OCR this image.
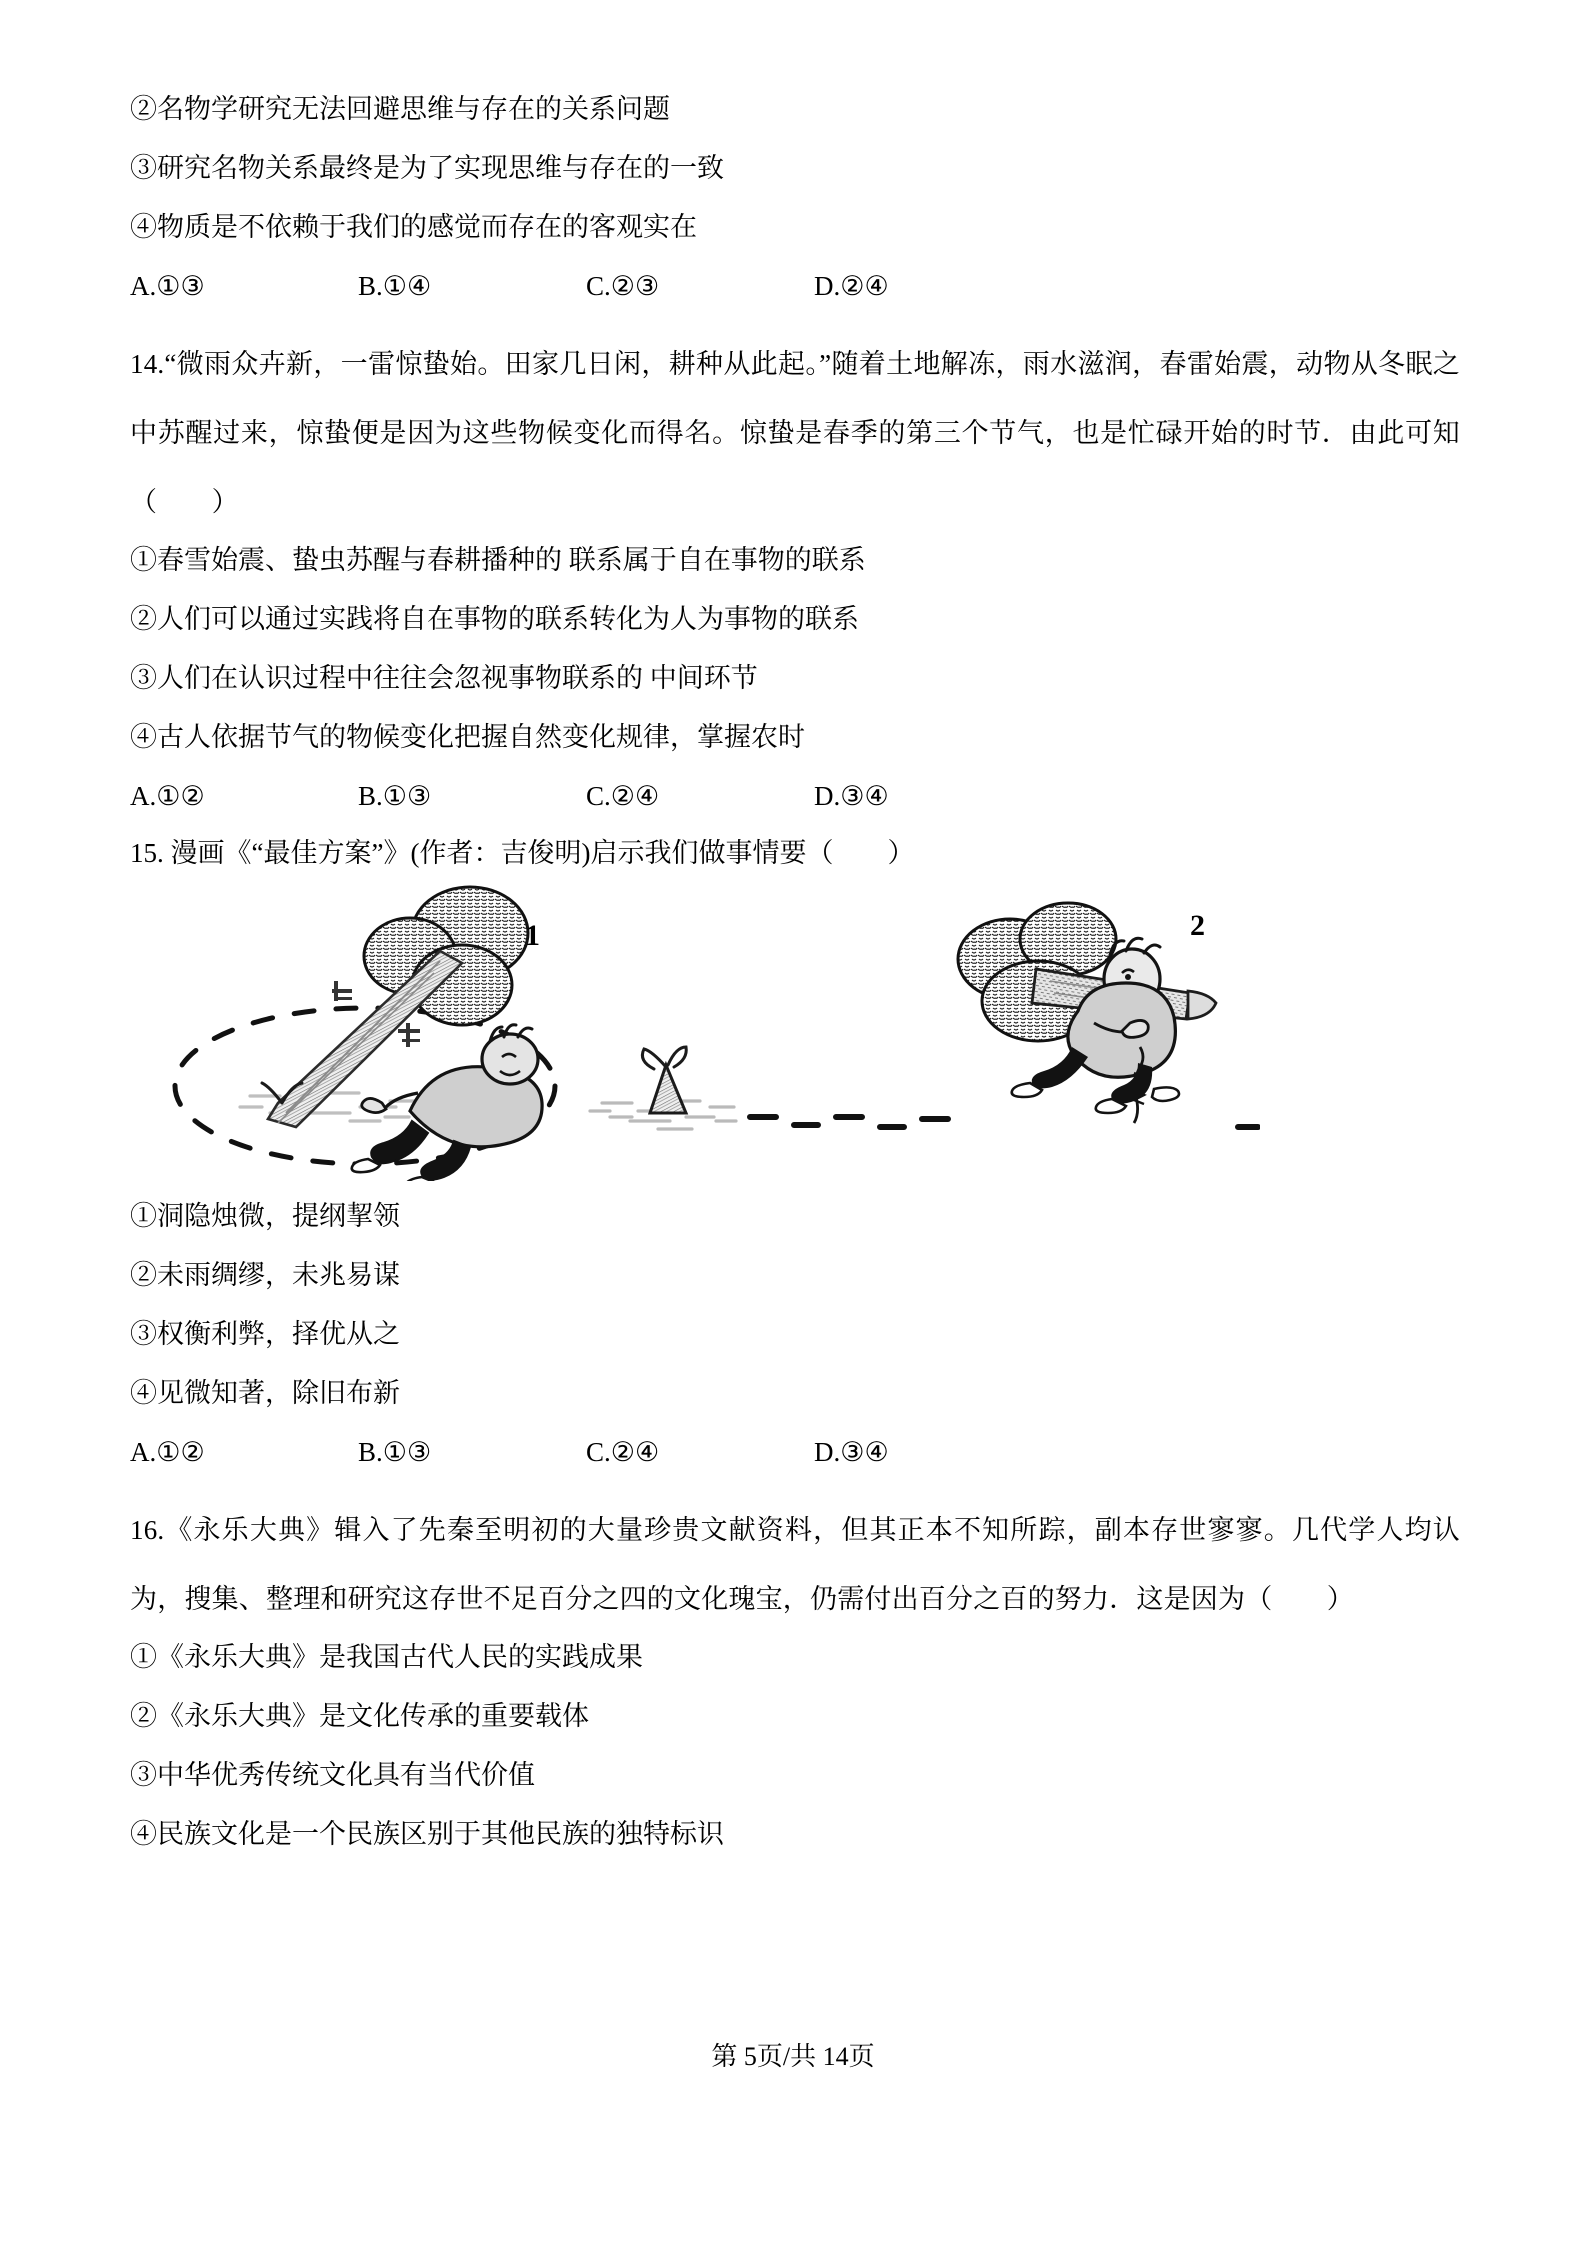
②名物学研究无法回避思维与存在的关系问题
③研究名物关系最终是为了实现思维与存在的一致
④物质是不依赖于我们的感觉而存在的客观实在
A.①③	B.①④	C.②③	D.②④

14.“微雨众卉新，一雷惊蛰始。田家几日闲，耕种从此起。”随着土地解冻，雨水滋润，春雷始震，动物从冬眠之中苏醒过来，惊蛰便是因为这些物候变化而得名。惊蛰是春季的第三个节气，也是忙碌开始的时节．由此可知（　　）

①春雪始震、蛰虫苏醒与春耕播种的 联系属于自在事物的联系
②人们可以通过实践将自在事物的联系转化为人为事物的联系
③人们在认识过程中往往会忽视事物联系的 中间环节
④古人依据节气的物候变化把握自然变化规律，掌握农时
A.①②	B.①③	C.②④	D.③④
15. 漫画《“最佳方案”》(作者：吉俊明)启示我们做事情要（　　）
1	2
①洞隐烛微，提纲挈领
②未雨绸缪，未兆易谋
③权衡利弊，择优从之
④见微知著，除旧布新
A.①②	B.①③	C.②④	D.③④

16.《永乐大典》辑入了先秦至明初的大量珍贵文献资料，但其正本不知所踪，副本存世寥寥。几代学人均认为，搜集、整理和研究这存世不足百分之四的文化瑰宝，仍需付出百分之百的努力．这是因为（　　）

①《永乐大典》是我国古代人民的实践成果
②《永乐大典》是文化传承的重要载体
③中华优秀传统文化具有当代价值
④民族文化是一个民族区别于其他民族的独特标识
第 5页/共 14页
